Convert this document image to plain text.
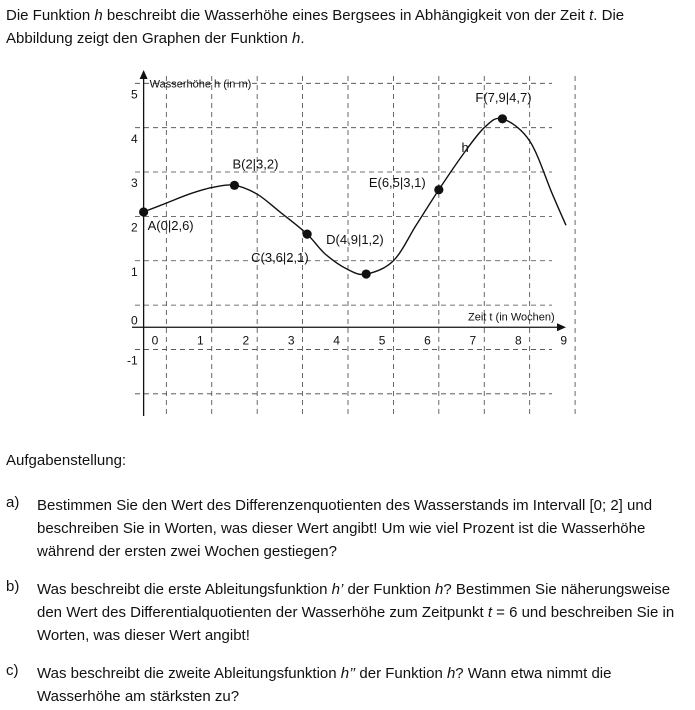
Die Funktion h beschreibt die Wasserhöhe eines Bergsees in Abhängigkeit von der Zeit t. Die Abbildung zeigt den Graphen der Funktion h.
0	1	2	3	4	5	6	7	8	9
-1
0
1
2
3
4
5
Wasserhöhe h (in m)
Zeit t (in Wochen)
h
A(0|2,6)
B(2|3,2)
C(3,6|2,1)
D(4,9|1,2)
E(6,5|3,1)
F(7,9|4,7)
Aufgabenstellung:
a) Bestimmen Sie den Wert des Differenzenquotienten des Wasserstands im Intervall [0; 2] und beschreiben Sie in Worten, was dieser Wert angibt! Um wie viel Prozent ist die Wasserhöhe während der ersten zwei Wochen gestiegen?
b) Was beschreibt die erste Ableitungsfunktion h’ der Funktion h? Bestimmen Sie näherungsweise den Wert des Differentialquotienten der Wasserhöhe zum Zeitpunkt t = 6 und beschreiben Sie in Worten, was dieser Wert angibt!
c) Was beschreibt die zweite Ableitungsfunktion h’’ der Funktion h? Wann etwa nimmt die Wasserhöhe am stärksten zu?
